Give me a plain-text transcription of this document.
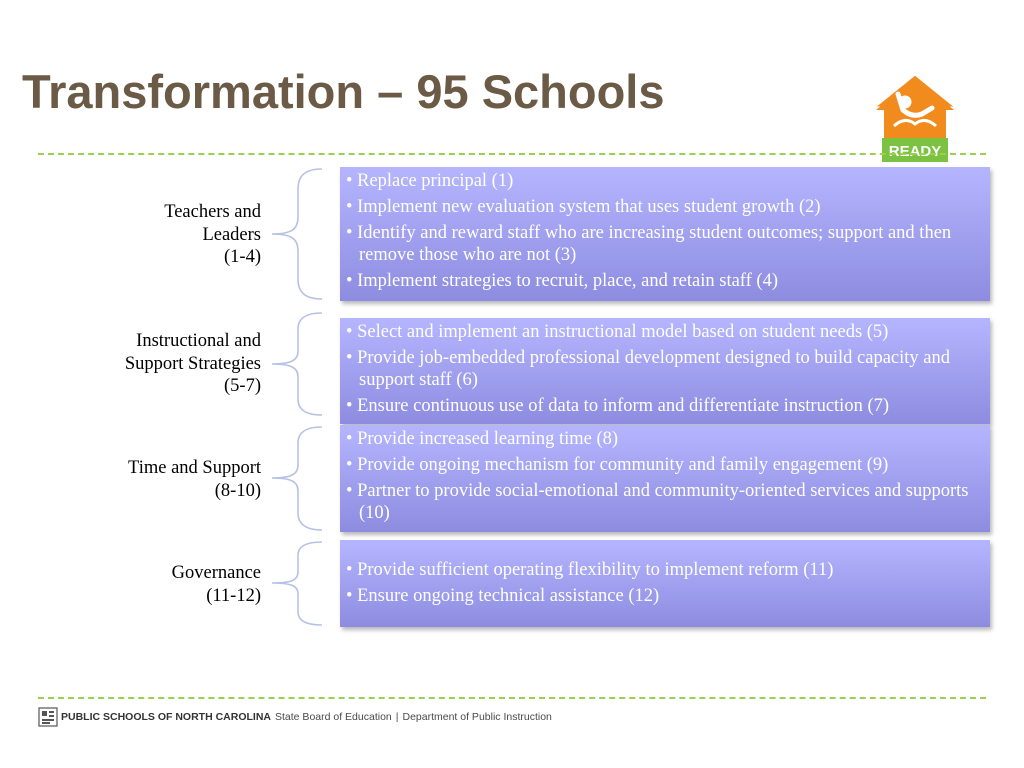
Transformation – 95 Schools
READY
Teachers and
Leaders
(1-4)
• Replace principal (1)
• Implement new evaluation system that uses student growth (2)
• Identify and reward staff who are increasing student outcomes; support and then remove those who are not (3)
• Implement strategies to recruit, place, and retain staff (4)
Instructional and
Support Strategies
(5-7)
• Select and implement an instructional model based on student needs (5)
• Provide job-embedded professional development designed to build capacity and support staff (6)
• Ensure continuous use of data to inform and differentiate instruction (7)
Time and Support
(8-10)
• Provide increased learning time (8)
• Provide ongoing mechanism for community and family engagement (9)
• Partner to provide social-emotional and community-oriented services and supports (10)
Governance
(11-12)
• Provide sufficient operating flexibility to implement reform (11)
• Ensure ongoing technical assistance (12)
PUBLIC SCHOOLS OF NORTH CAROLINA State Board of Education | Department of Public Instruction
